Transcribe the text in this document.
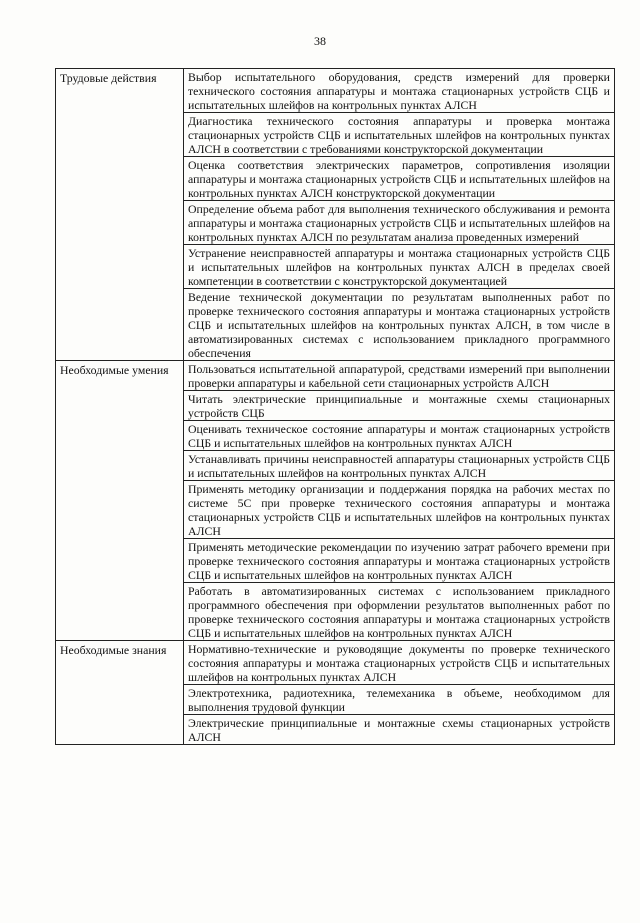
38
Трудовые действия	Выбор испытательного оборудования, средств измерений для проверки технического состояния аппаратуры и монтажа стационарных устройств СЦБ и испытательных шлейфов на контрольных пунктах АЛСН
	Диагностика технического состояния аппаратуры и проверка монтажа стационарных устройств СЦБ и испытательных шлейфов на контрольных пунктах АЛСН в соответствии с требованиями конструкторской документации
	Оценка соответствия электрических параметров, сопротивления изоляции аппаратуры и монтажа стационарных устройств СЦБ и испытательных шлейфов на контрольных пунктах АЛСН конструкторской документации
	Определение объема работ для выполнения технического обслуживания и ремонта аппаратуры и монтажа стационарных устройств СЦБ и испытательных шлейфов на контрольных пунктах АЛСН по результатам анализа проведенных измерений
	Устранение неисправностей аппаратуры и монтажа стационарных устройств СЦБ и испытательных шлейфов на контрольных пунктах АЛСН в пределах своей компетенции в соответствии с конструкторской документацией
	Ведение технической документации по результатам выполненных работ по проверке технического состояния аппаратуры и монтажа стационарных устройств СЦБ и испытательных шлейфов на контрольных пунктах АЛСН, в том числе в автоматизированных системах с использованием прикладного программного обеспечения
Необходимые умения	Пользоваться испытательной аппаратурой, средствами измерений при выполнении проверки аппаратуры и кабельной сети стационарных устройств АЛСН
	Читать электрические принципиальные и монтажные схемы стационарных устройств СЦБ
	Оценивать техническое состояние аппаратуры и монтаж стационарных устройств СЦБ и испытательных шлейфов на контрольных пунктах АЛСН
	Устанавливать причины неисправностей аппаратуры стационарных устройств СЦБ и испытательных шлейфов на контрольных пунктах АЛСН
	Применять методику организации и поддержания порядка на рабочих местах по системе 5С при проверке технического состояния аппаратуры и монтажа стационарных устройств СЦБ и испытательных шлейфов на контрольных пунктах АЛСН
	Применять методические рекомендации по изучению затрат рабочего времени при проверке технического состояния аппаратуры и монтажа стационарных устройств СЦБ и испытательных шлейфов на контрольных пунктах АЛСН
	Работать в автоматизированных системах с использованием прикладного программного обеспечения при оформлении результатов выполненных работ по проверке технического состояния аппаратуры и монтажа стационарных устройств СЦБ и испытательных шлейфов на контрольных пунктах АЛСН
Необходимые знания	Нормативно-технические и руководящие документы по проверке технического состояния аппаратуры и монтажа стационарных устройств СЦБ и испытательных шлейфов на контрольных пунктах АЛСН
	Электротехника, радиотехника, телемеханика в объеме, необходимом для выполнения трудовой функции
	Электрические принципиальные и монтажные схемы стационарных устройств АЛСН
